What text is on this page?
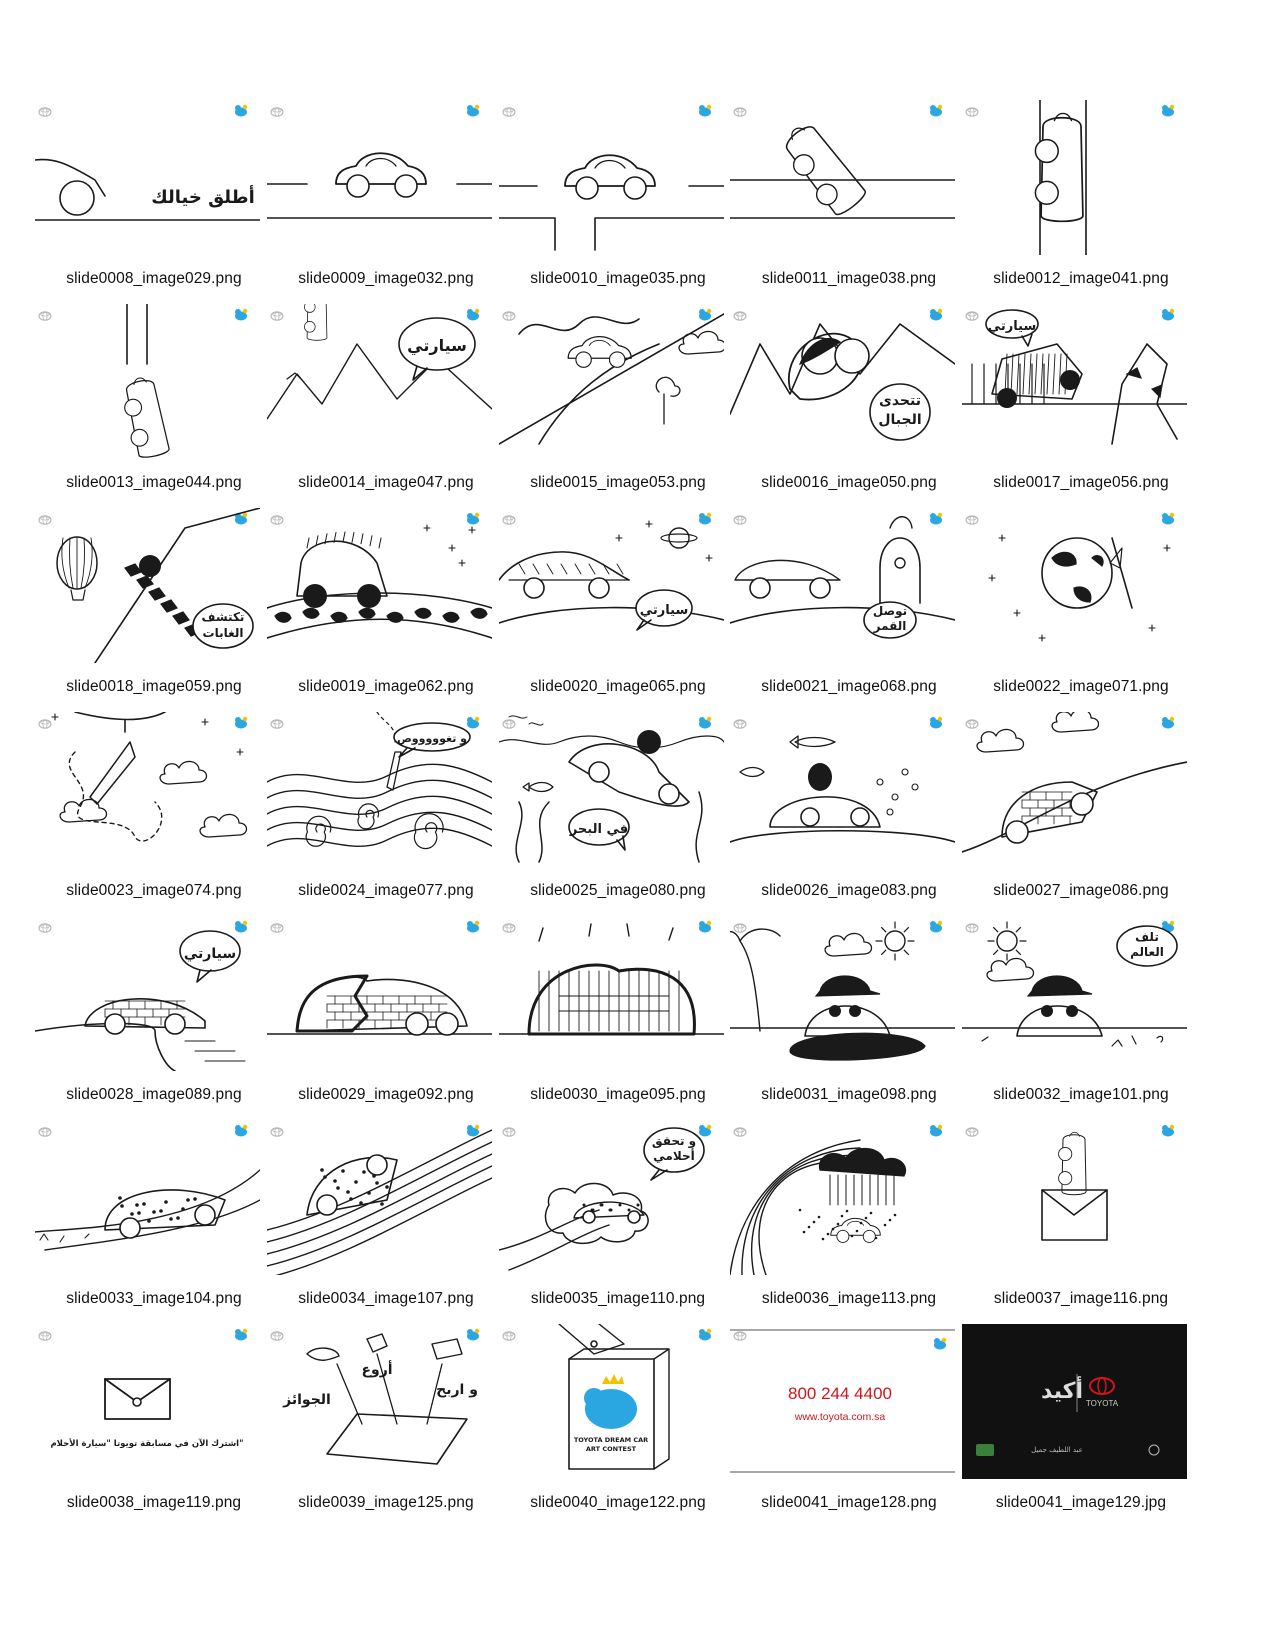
أطلق خيالك
slide0008_image029.png	slide0009_image032.png	slide0010_image035.png	slide0011_image038.png	slide0012_image041.png
slide0013_image044.png
سيارتي
slide0014_image047.png	slide0015_image053.png
تتحدى
الجبال
slide0016_image050.png
سيارتي
slide0017_image056.png
تكتشف
الغابات
slide0018_image059.png	slide0019_image062.png
سيارتي
slide0020_image065.png
توصل
القمر
slide0021_image068.png	slide0022_image071.png
slide0023_image074.png
و تغوووووص
slide0024_image077.png
في البحر
slide0025_image080.png	slide0026_image083.png	slide0027_image086.png
سيارتي
slide0028_image089.png	slide0029_image092.png	slide0030_image095.png	slide0031_image098.png
تلف
العالم
slide0032_image101.png
slide0033_image104.png	slide0034_image107.png
و تحقق
أحلامي
slide0035_image110.png	slide0036_image113.png	slide0037_image116.png
اشترك الآن في مسابقة تويوتا "سيارة الأحلام"
slide0038_image119.png
الجوائز
أروع
و اربح
slide0039_image125.png
TOYOTA DREAM CAR
ART CONTEST
slide0040_image122.png
800 244 4400
www.toyota.com.sa
slide0041_image128.png
أكيد TOYOTA
عبد اللطيف جميل
slide0041_image129.jpg
